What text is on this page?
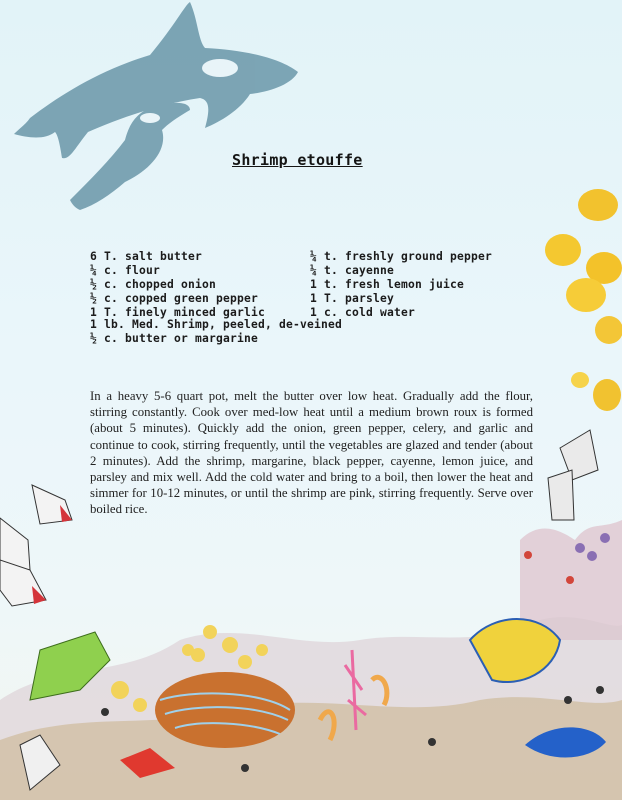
Shrimp etouffe
6 T. salt butter
¼ c. flour
½ c. chopped onion
½ c. copped green pepper
1 T. finely minced garlic
¼ t. freshly ground pepper
¼ t. cayenne
1 t. fresh lemon juice
1 T. parsley
1 c. cold water
1 lb. Med. Shrimp, peeled, de-veined
½ c. butter or margarine

In a heavy 5-6 quart pot, melt the butter over low heat. Gradually add the flour, stirring constantly. Cook over med-low heat until a medium brown roux is formed (about 5 minutes). Quickly add the onion, green pepper, celery, and garlic and continue to cook, stirring frequently, until the vegetables are glazed and tender (about 2 minutes). Add the shrimp, margarine, black pepper, cayenne, lemon juice, and parsley and mix well. Add the cold water and bring to a boil, then lower the heat and simmer for 10-12 minutes, or until the shrimp are pink, stirring frequently. Serve over boiled rice.
